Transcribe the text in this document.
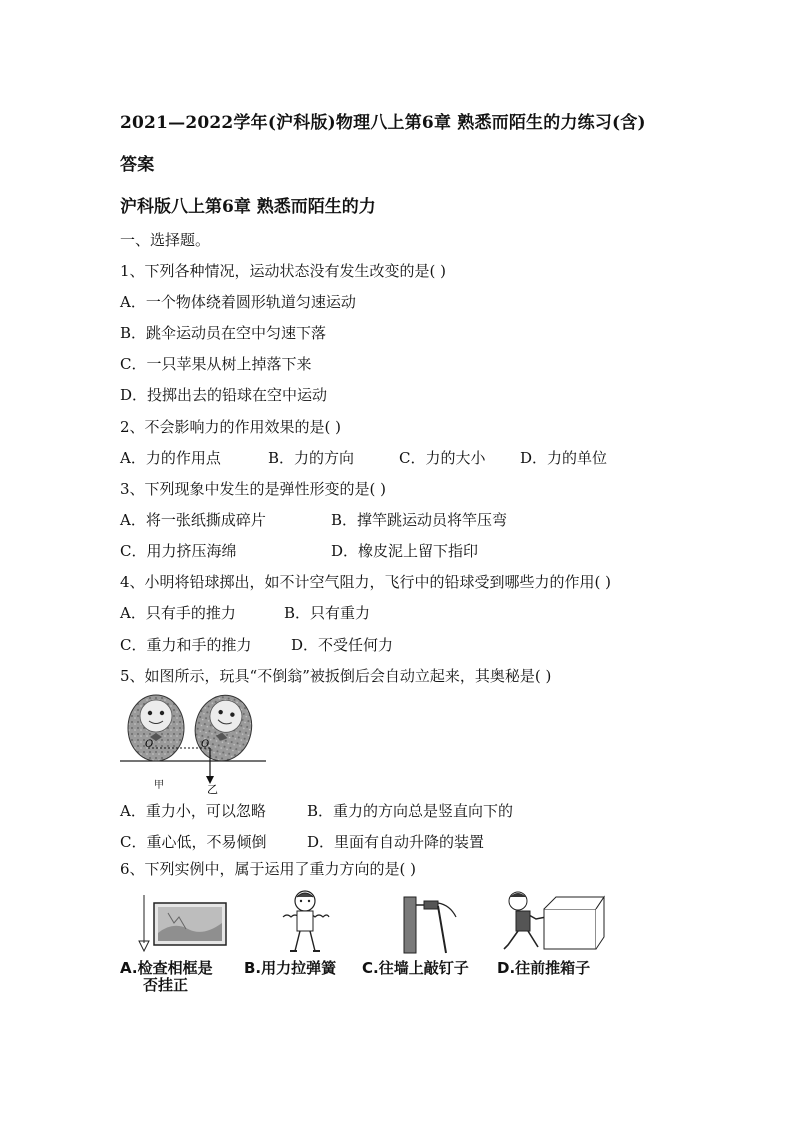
2021—2022学年(沪科版)物理八上第6章 熟悉而陌生的力练习(含)
答案
沪科版八上第6章 熟悉而陌生的力
一、选择题。
1、下列各种情况，运动状态没有发生改变的是( )
A．一个物体绕着圆形轨道匀速运动
B．跳伞运动员在空中匀速下落
C．一只苹果从树上掉落下来
D．投掷出去的铅球在空中运动
2、不会影响力的作用效果的是( )
A．力的作用点	B．力的方向	C．力的大小 D．力的单位
3、下列现象中发生的是弹性形变的是( )
A．将一张纸撕成碎片	B．撑竿跳运动员将竿压弯
C．用力挤压海绵	D．橡皮泥上留下指印
4、小明将铅球掷出，如不计空气阻力，飞行中的铅球受到哪些力的作用( )
A．只有手的推力	B．只有重力
C．重力和手的推力	D．不受任何力
5、如图所示，玩具“不倒翁”被扳倒后会自动立起来，其奥秘是( )
O	O
甲	乙
A．重力小，可以忽略	B．重力的方向总是竖直向下的
C．重心低，不易倾倒	D．里面有自动升降的装置
6、下列实例中，属于运用了重力方向的是( )
A.检查相框是
否挂正
B.用力拉弹簧 C.往墙上敲钉子 D.往前推箱子
